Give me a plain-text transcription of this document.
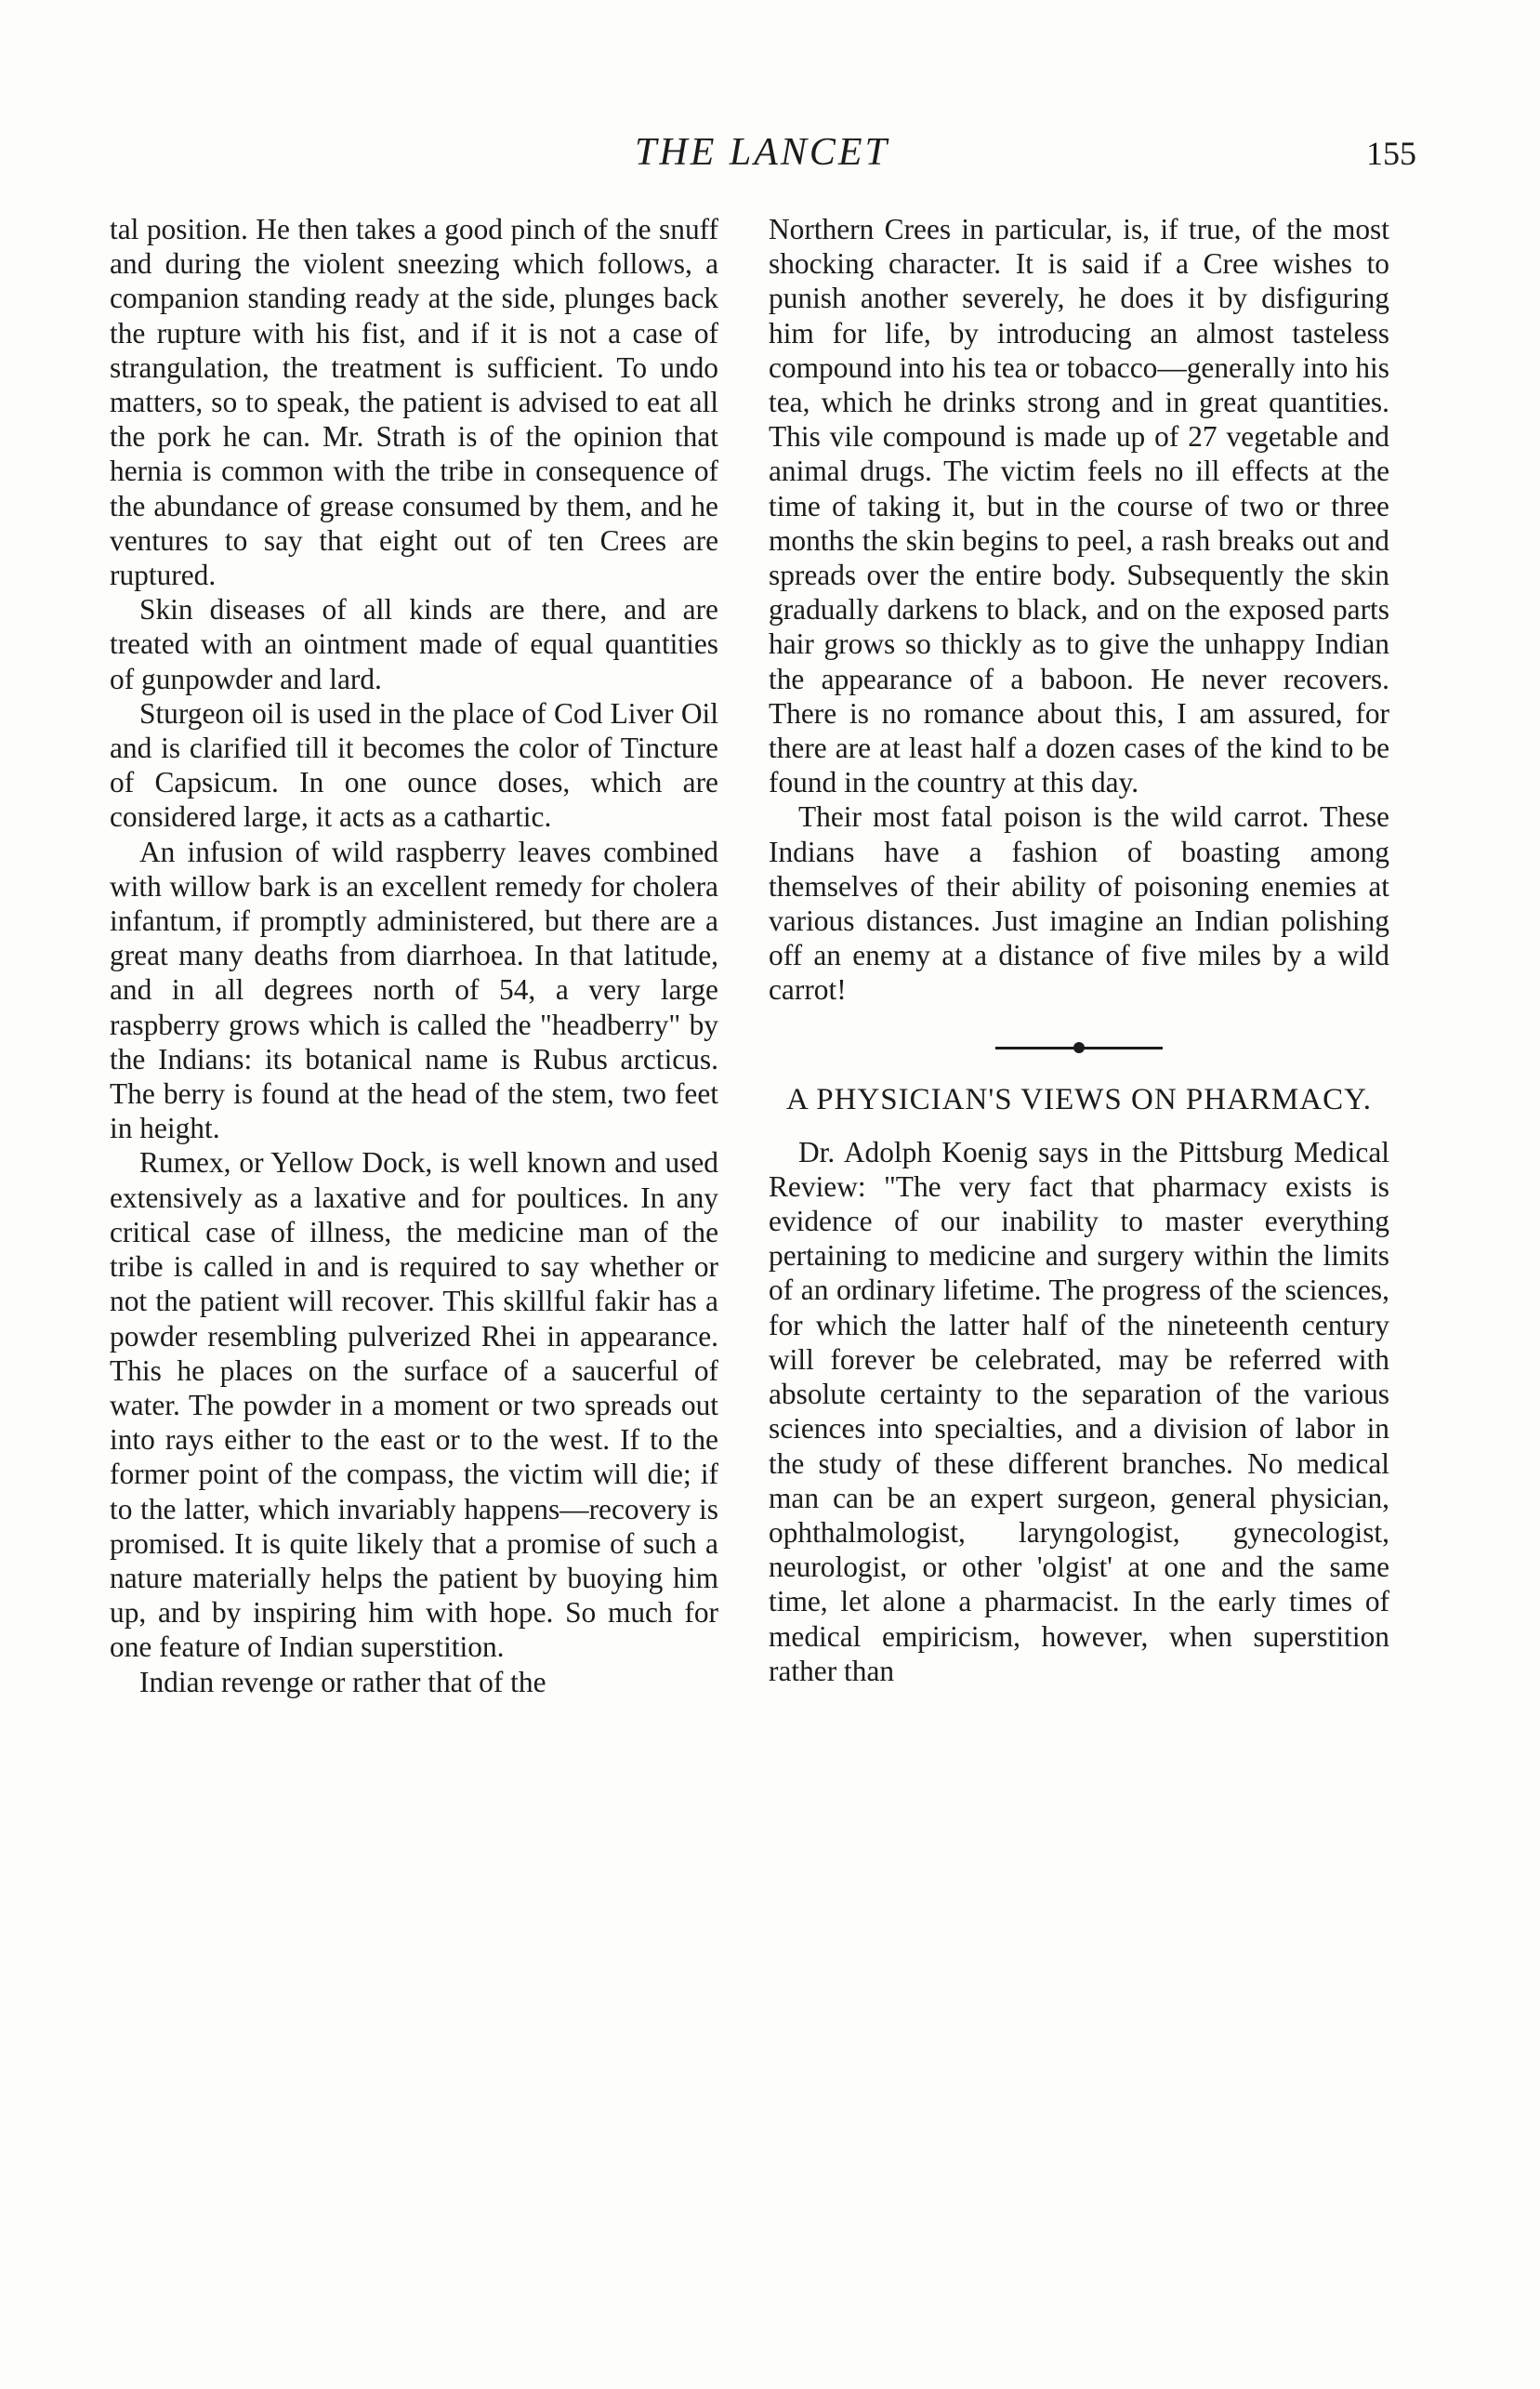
THE LANCET	155

tal position. He then takes a good pinch of the snuff and during the violent sneezing which follows, a companion standing ready at the side, plunges back the rupture with his fist, and if it is not a case of strangulation, the treatment is sufficient. To undo matters, so to speak, the patient is advised to eat all the pork he can. Mr. Strath is of the opinion that hernia is common with the tribe in consequence of the abundance of grease consumed by them, and he ventures to say that eight out of ten Crees are ruptured.

Skin diseases of all kinds are there, and are treated with an ointment made of equal quantities of gunpowder and lard.

Sturgeon oil is used in the place of Cod Liver Oil and is clarified till it becomes the color of Tincture of Capsicum. In one ounce doses, which are considered large, it acts as a cathartic.

An infusion of wild raspberry leaves combined with willow bark is an excellent remedy for cholera infantum, if promptly administered, but there are a great many deaths from diarrhoea. In that latitude, and in all degrees north of 54, a very large raspberry grows which is called the "headberry" by the Indians: its botanical name is Rubus arcticus. The berry is found at the head of the stem, two feet in height.

Rumex, or Yellow Dock, is well known and used extensively as a laxative and for poultices. In any critical case of illness, the medicine man of the tribe is called in and is required to say whether or not the patient will recover. This skillful fakir has a powder resembling pulverized Rhei in appearance. This he places on the surface of a saucerful of water. The powder in a moment or two spreads out into rays either to the east or to the west. If to the former point of the compass, the victim will die; if to the latter, which invariably happens—recovery is promised. It is quite likely that a promise of such a nature materially helps the patient by buoying him up, and by inspiring him with hope. So much for one feature of Indian superstition.

Indian revenge or rather that of the

Northern Crees in particular, is, if true, of the most shocking character. It is said if a Cree wishes to punish another severely, he does it by disfiguring him for life, by introducing an almost tasteless compound into his tea or tobacco—generally into his tea, which he drinks strong and in great quantities. This vile compound is made up of 27 vegetable and animal drugs. The victim feels no ill effects at the time of taking it, but in the course of two or three months the skin begins to peel, a rash breaks out and spreads over the entire body. Subsequently the skin gradually darkens to black, and on the exposed parts hair grows so thickly as to give the unhappy Indian the appearance of a baboon. He never recovers. There is no romance about this, I am assured, for there are at least half a dozen cases of the kind to be found in the country at this day.

Their most fatal poison is the wild carrot. These Indians have a fashion of boasting among themselves of their ability of poisoning enemies at various distances. Just imagine an Indian polishing off an enemy at a distance of five miles by a wild carrot!

A PHYSICIAN'S VIEWS ON PHARMACY.

Dr. Adolph Koenig says in the Pittsburg Medical Review: "The very fact that pharmacy exists is evidence of our inability to master everything pertaining to medicine and surgery within the limits of an ordinary lifetime. The progress of the sciences, for which the latter half of the nineteenth century will forever be celebrated, may be referred with absolute certainty to the separation of the various sciences into specialties, and a division of labor in the study of these different branches. No medical man can be an expert surgeon, general physician, ophthalmologist, laryngologist, gynecologist, neurologist, or other 'olgist' at one and the same time, let alone a pharmacist. In the early times of medical empiricism, however, when superstition rather than
